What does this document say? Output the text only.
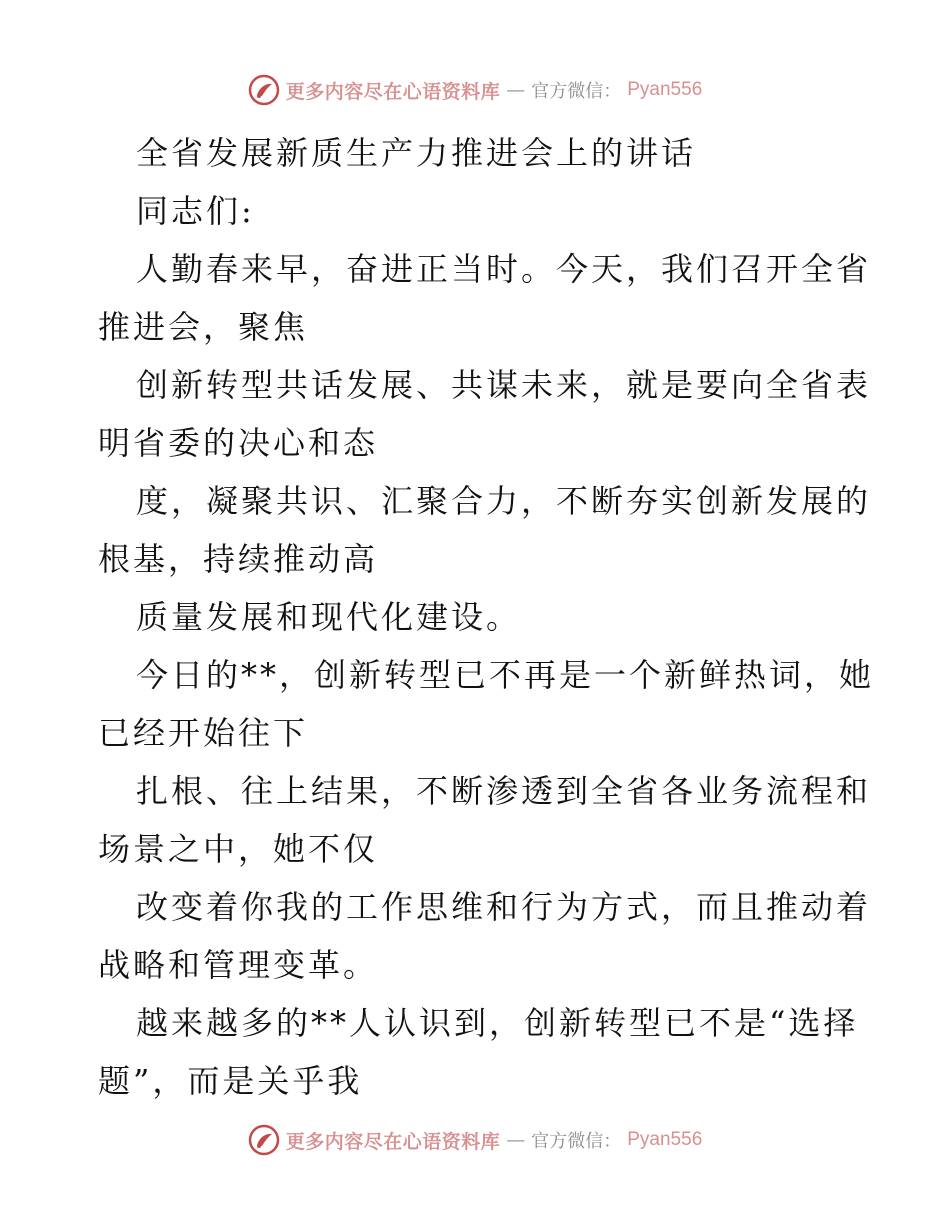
更多内容尽在心语资料库 — 官方微信： Pyan556
全省发展新质生产力推进会上的讲话
同志们:
人勤春来早，奋进正当时。今天，我们召开全省
推进会，聚焦
创新转型共话发展、共谋未来，就是要向全省表
明省委的决心和态
度，凝聚共识、汇聚合力，不断夯实创新发展的
根基，持续推动高
质量发展和现代化建设。
今日的**，创新转型已不再是一个新鲜热词，她
已经开始往下
扎根、往上结果，不断渗透到全省各业务流程和
场景之中，她不仅
改变着你我的工作思维和行为方式，而且推动着
战略和管理变革。
越来越多的**人认识到，创新转型已不是“选择
题”，而是关乎我
更多内容尽在心语资料库 — 官方微信： Pyan556
